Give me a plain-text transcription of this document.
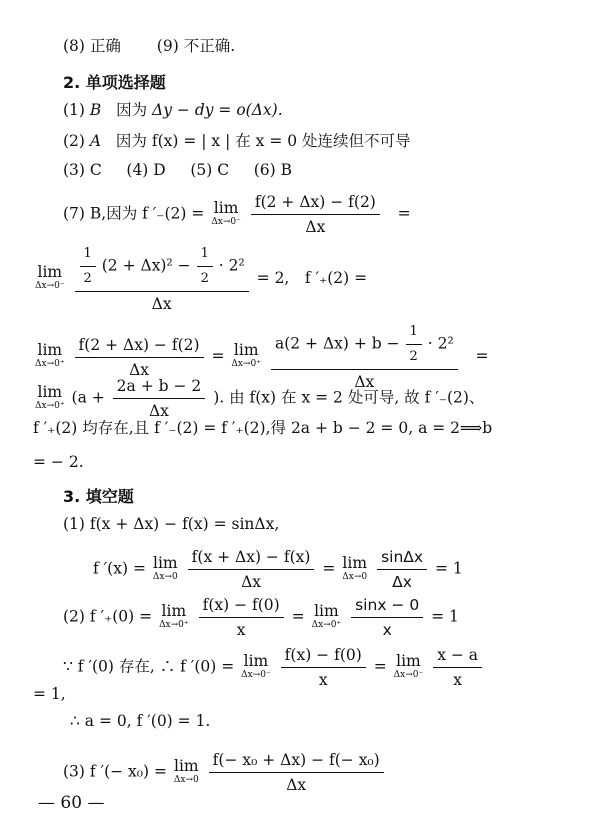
(8) 正确　　 (9) 不正确.
2. 单项选择题
(1) B 因为 Δy − dy = o(Δx).
(2) A 因为 f(x) = | x | 在 x = 0 处连续但不可导
(3) C (4) D (5) C (6) B
(7) B,因为 f ′₋(2) = lim
Δx→0⁻
$\frac{f(2 + \Delta x) - f(2)}{\Delta x}$ =
lim
Δx→0⁻
$\frac{\frac{1}{2} (2 + \Delta x)^2 - \frac{1}{2} \cdot 2^2}{\Delta x} = 2$,　f ′₊(2) =
lim
Δx→0⁺
$\frac{f(2 + \Delta x) - f(2)}{\Delta x} = \lim$
Δx→0⁺
$\frac{a(2 + \Delta x) + b - \frac{1}{2} \cdot 2^2}{\Delta x}$ =
lim
Δx→0⁺ ($a + \frac{2a + b - 2}{\Delta x}$ ). 由 f(x) 在 x = 2 处可导, 故 f ′₋(2)、
f ′₊(2) 均存在,且 f ′₋(2) = f ′₊(2),得 2a + b − 2 = 0, a = 2⟹b
= − 2.
3. 填空题
(1) f(x + Δx) − f(x) = sinΔx,
f ′(x) = lim
Δx→0
$\frac{f(x + \Delta x) - f(x)}{\Delta x} = \lim$
Δx→0
$\frac{\sin\Delta x}{\Delta x} = 1$
(2) f ′₊(0) = lim
Δx→0⁺
$\frac{f(x) - f(0)}{x} = \lim$
Δx→0⁺
$\frac{\sin x - 0}{x} = 1$
∵ f ′(0) 存在, ∴ f ′(0) = lim
Δx→0⁻
$\frac{f(x) - f(0)}{x} = \lim$
Δx→0⁻
$\frac{x - a}{x}$
= 1,
∴ a = 0, f ′(0) = 1.
(3) f ′(− x₀) = lim
Δx→0
$\frac{\text{f(− x₀ + Δx) − f(− x₀)}}{\Delta x}$
— 60 —
